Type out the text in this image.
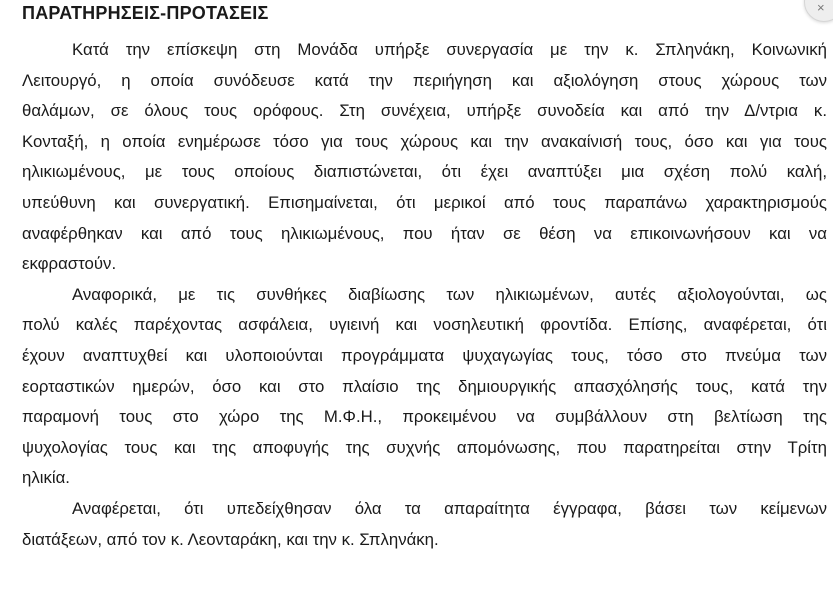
ΠΑΡΑΤΗΡΗΣΕΙΣ-ΠΡΟΤΑΣΕΙΣ	×
Κατά την επίσκεψη στη Μονάδα υπήρξε συνεργασία με την κ. Σπληνάκη, Κοινωνική
Λειτουργό, η οποία συνόδευσε κατά την περιήγηση και αξιολόγηση στους χώρους των
θαλάμων, σε όλους τους ορόφους. Στη συνέχεια, υπήρξε συνοδεία και από την Δ/ντρια κ.
Κονταξή, η οποία ενημέρωσε τόσο για τους χώρους και την ανακαίνισή τους, όσο και για τους
ηλικιωμένους, με τους οποίους διαπιστώνεται, ότι έχει αναπτύξει μια σχέση πολύ καλή,
υπεύθυνη και συνεργατική. Επισημαίνεται, ότι μερικοί από τους παραπάνω χαρακτηρισμούς
αναφέρθηκαν και από τους ηλικιωμένους, που ήταν σε θέση να επικοινωνήσουν και να
εκφραστούν.
Αναφορικά, με τις συνθήκες διαβίωσης των ηλικιωμένων, αυτές αξιολογούνται, ως
πολύ καλές παρέχοντας ασφάλεια, υγιεινή και νοσηλευτική φροντίδα. Επίσης, αναφέρεται, ότι
έχουν αναπτυχθεί και υλοποιούνται προγράμματα ψυχαγωγίας τους, τόσο στο πνεύμα των
εορταστικών ημερών, όσο και στο πλαίσιο της δημιουργικής απασχόλησής τους, κατά την
παραμονή τους στο χώρο της Μ.Φ.Η., προκειμένου να συμβάλλουν στη βελτίωση της
ψυχολογίας τους και της αποφυγής της συχνής απομόνωσης, που παρατηρείται στην Τρίτη
ηλικία.
Αναφέρεται, ότι υπεδείχθησαν όλα τα απαραίτητα έγγραφα, βάσει των κείμενων
διατάξεων, από τον κ. Λεονταράκη, και την κ. Σπληνάκη.
